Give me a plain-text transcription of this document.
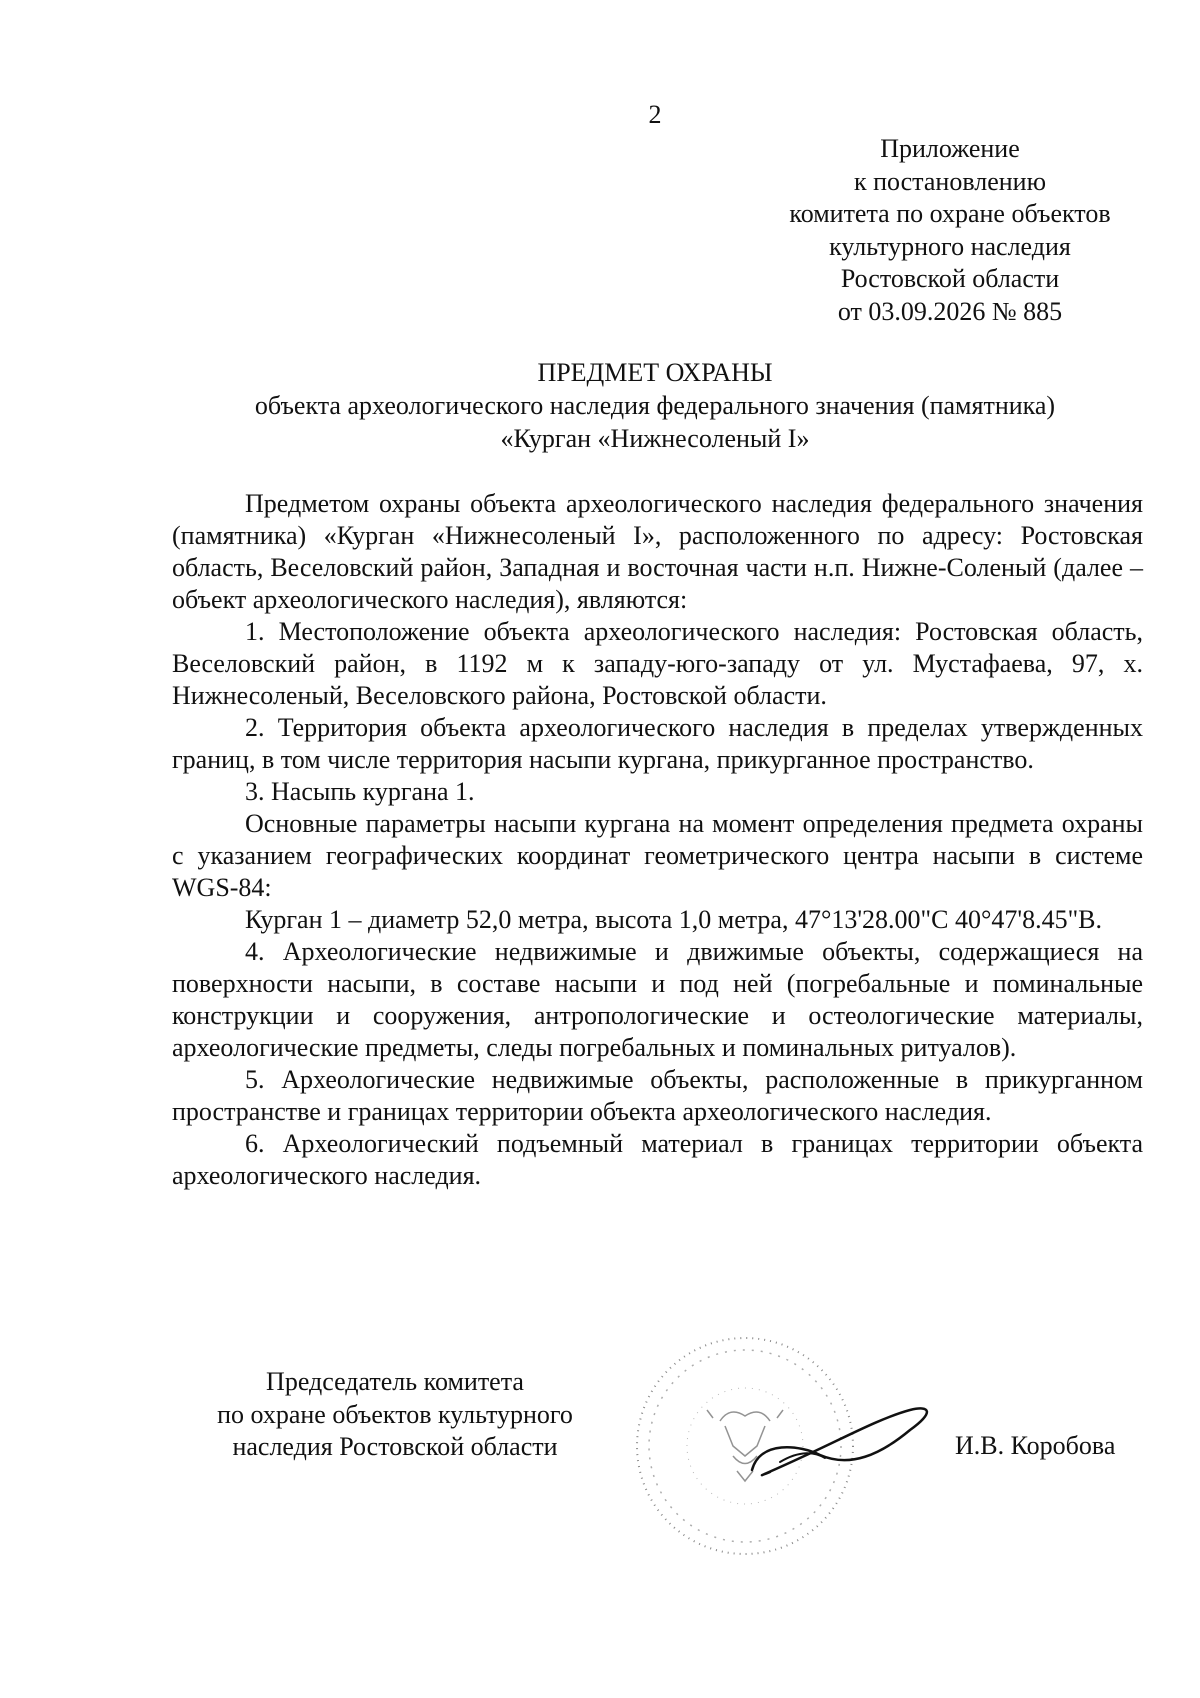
2
Приложение
к постановлению
комитета по охране объектов
культурного наследия
Ростовской области
от 03.09.2026 № 885
ПРЕДМЕТ ОХРАНЫ
объекта археологического наследия федерального значения (памятника)
«Курган «Нижнесоленый I»

Предметом охраны объекта археологического наследия федерального значения (памятника) «Курган «Нижнесоленый I», расположенного по адресу: Ростовская область, Веселовский район, Западная и восточная части н.п. Нижне-Соленый (далее – объект археологического наследия), являются:

1. Местоположение объекта археологического наследия: Ростовская область, Веселовский район, в 1192 м к западу-юго-западу от ул. Мустафаева, 97, х. Нижнесоленый, Веселовского района, Ростовской области.

2. Территория объекта археологического наследия в пределах утвержденных границ, в том числе территория насыпи кургана, прикурганное пространство.

3. Насыпь кургана 1.

Основные параметры насыпи кургана на момент определения предмета охраны с указанием географических координат геометрического центра насыпи в системе WGS-84:

Курган 1 – диаметр 52,0 метра, высота 1,0 метра, 47°13'28.00"С 40°47'8.45"В.

4. Археологические недвижимые и движимые объекты, содержащиеся на поверхности насыпи, в составе насыпи и под ней (погребальные и поминальные конструкции и сооружения, антропологические и остеологические материалы, археологические предметы, следы погребальных и поминальных ритуалов).

5. Археологические недвижимые объекты, расположенные в прикурганном пространстве и границах территории объекта археологического наследия.

6. Археологический подъемный материал в границах территории объекта археологического наследия.

Председатель комитета
по охране объектов культурного
наследия Ростовской области	И.В. Коробова
